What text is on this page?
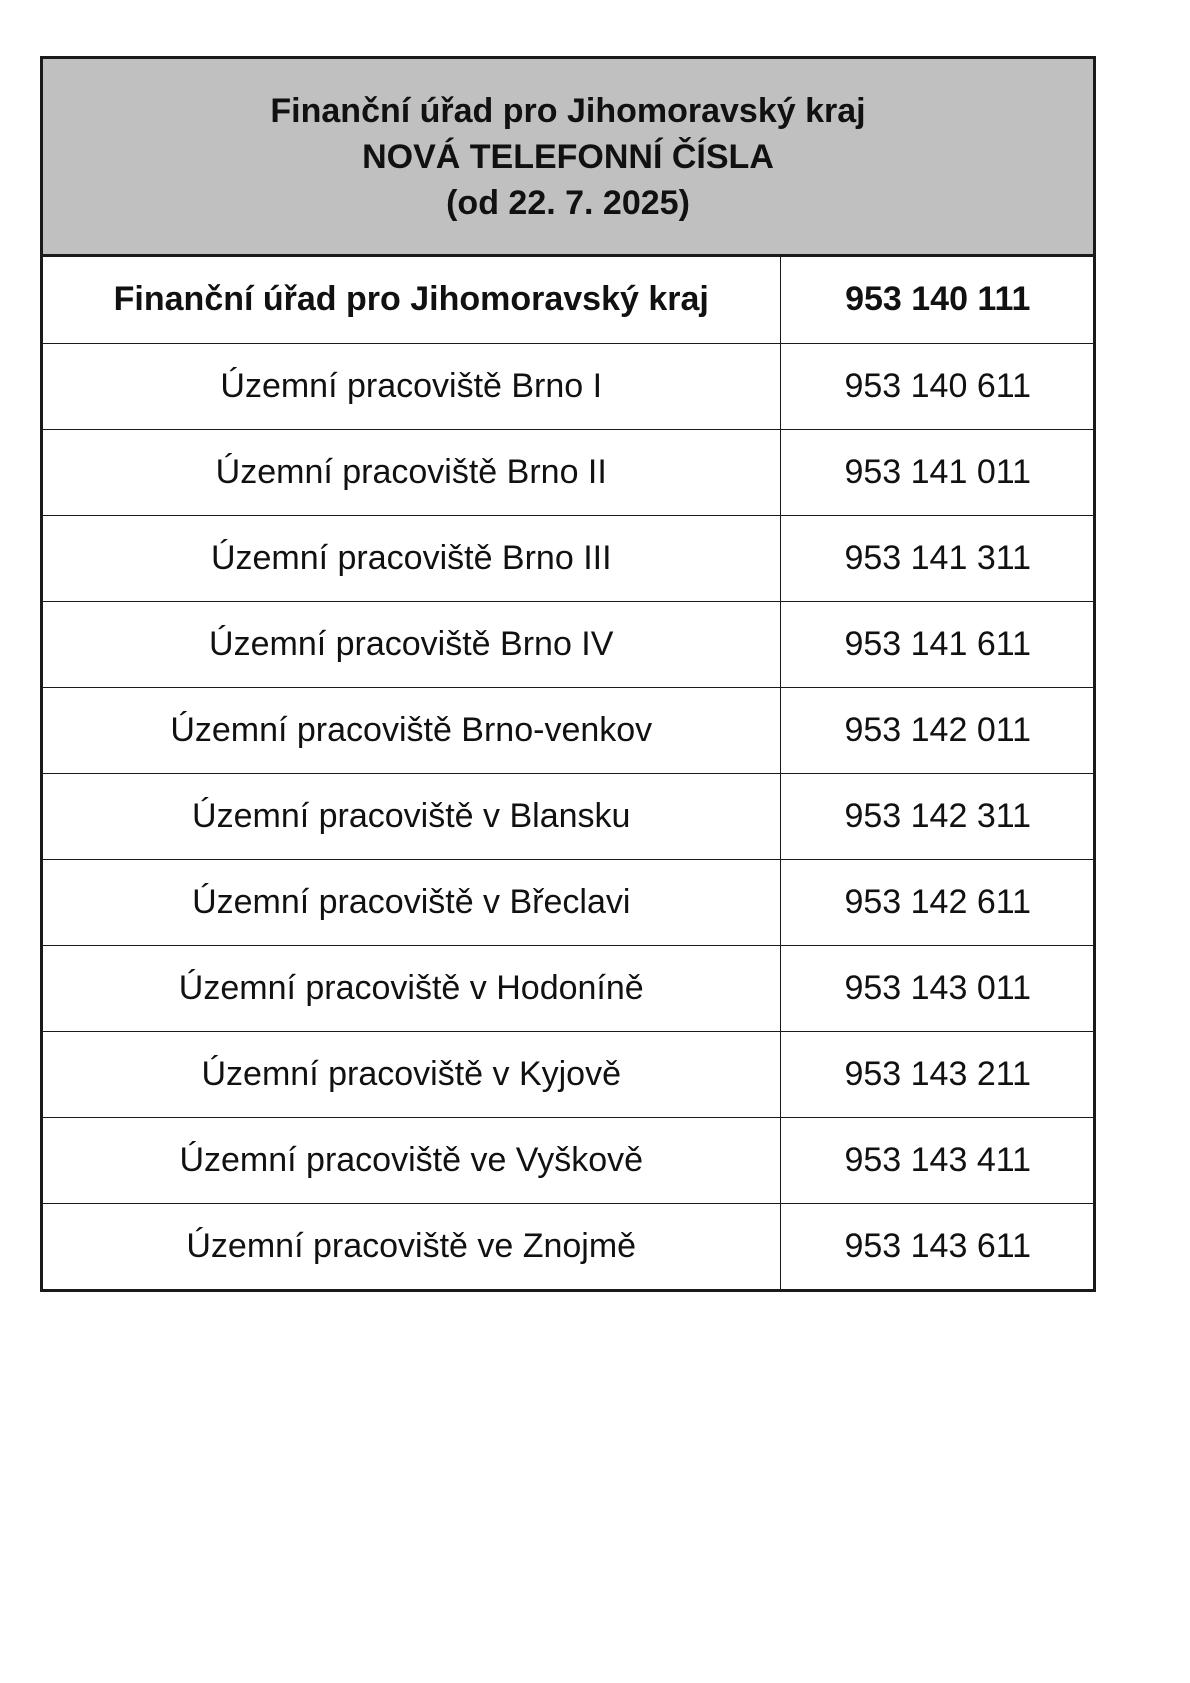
Finanční úřad pro Jihomoravský kraj
NOVÁ TELEFONNÍ ČÍSLA
(od 22. 7. 2025)
Finanční úřad pro Jihomoravský kraj	953 140 111
Územní pracoviště Brno I	953 140 611
Územní pracoviště Brno II	953 141 011
Územní pracoviště Brno III	953 141 311
Územní pracoviště Brno IV	953 141 611
Územní pracoviště Brno-venkov	953 142 011
Územní pracoviště v Blansku	953 142 311
Územní pracoviště v Břeclavi	953 142 611
Územní pracoviště v Hodoníně	953 143 011
Územní pracoviště v Kyjově	953 143 211
Územní pracoviště ve Vyškově	953 143 411
Územní pracoviště ve Znojmě	953 143 611
